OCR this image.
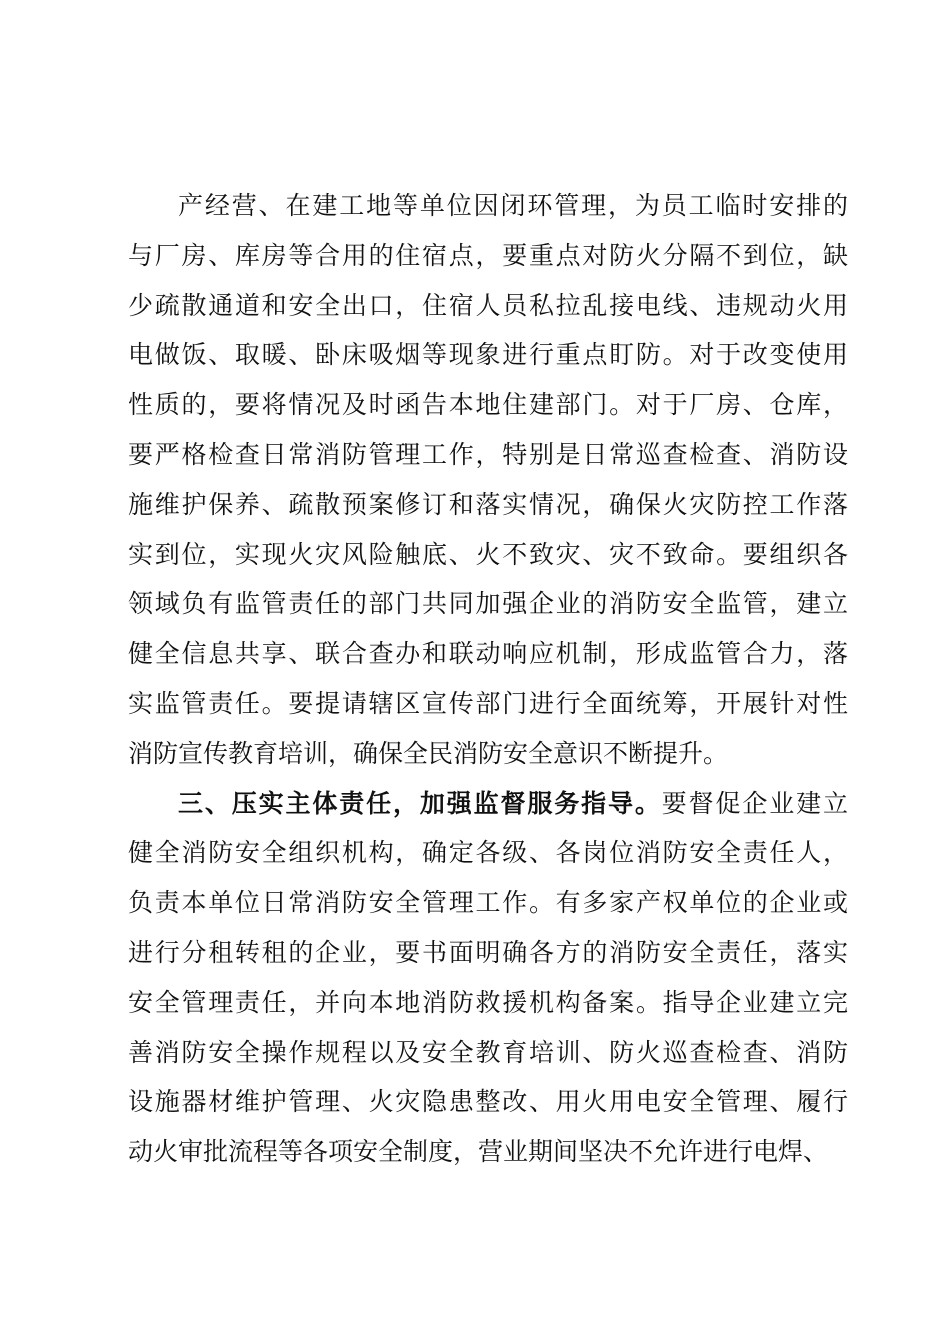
产经营、在建工地等单位因闭环管理，为员工临时安排的
与厂房、库房等合用的住宿点，要重点对防火分隔不到位，缺
少疏散通道和安全出口，住宿人员私拉乱接电线、违规动火用
电做饭、取暖、卧床吸烟等现象进行重点盯防。对于改变使用
性质的，要将情况及时函告本地住建部门。对于厂房、仓库，
要严格检查日常消防管理工作，特别是日常巡查检查、消防设
施维护保养、疏散预案修订和落实情况，确保火灾防控工作落
实到位，实现火灾风险触底、火不致灾、灾不致命。要组织各
领域负有监管责任的部门共同加强企业的消防安全监管，建立
健全信息共享、联合查办和联动响应机制，形成监管合力，落
实监管责任。要提请辖区宣传部门进行全面统筹，开展针对性
消防宣传教育培训，确保全民消防安全意识不断提升。
三、压实主体责任，加强监督服务指导。要督促企业建立
健全消防安全组织机构，确定各级、各岗位消防安全责任人，
负责本单位日常消防安全管理工作。有多家产权单位的企业或
进行分租转租的企业，要书面明确各方的消防安全责任，落实
安全管理责任，并向本地消防救援机构备案。指导企业建立完
善消防安全操作规程以及安全教育培训、防火巡查检查、消防
设施器材维护管理、火灾隐患整改、用火用电安全管理、履行
动火审批流程等各项安全制度，营业期间坚决不允许进行电焊、
